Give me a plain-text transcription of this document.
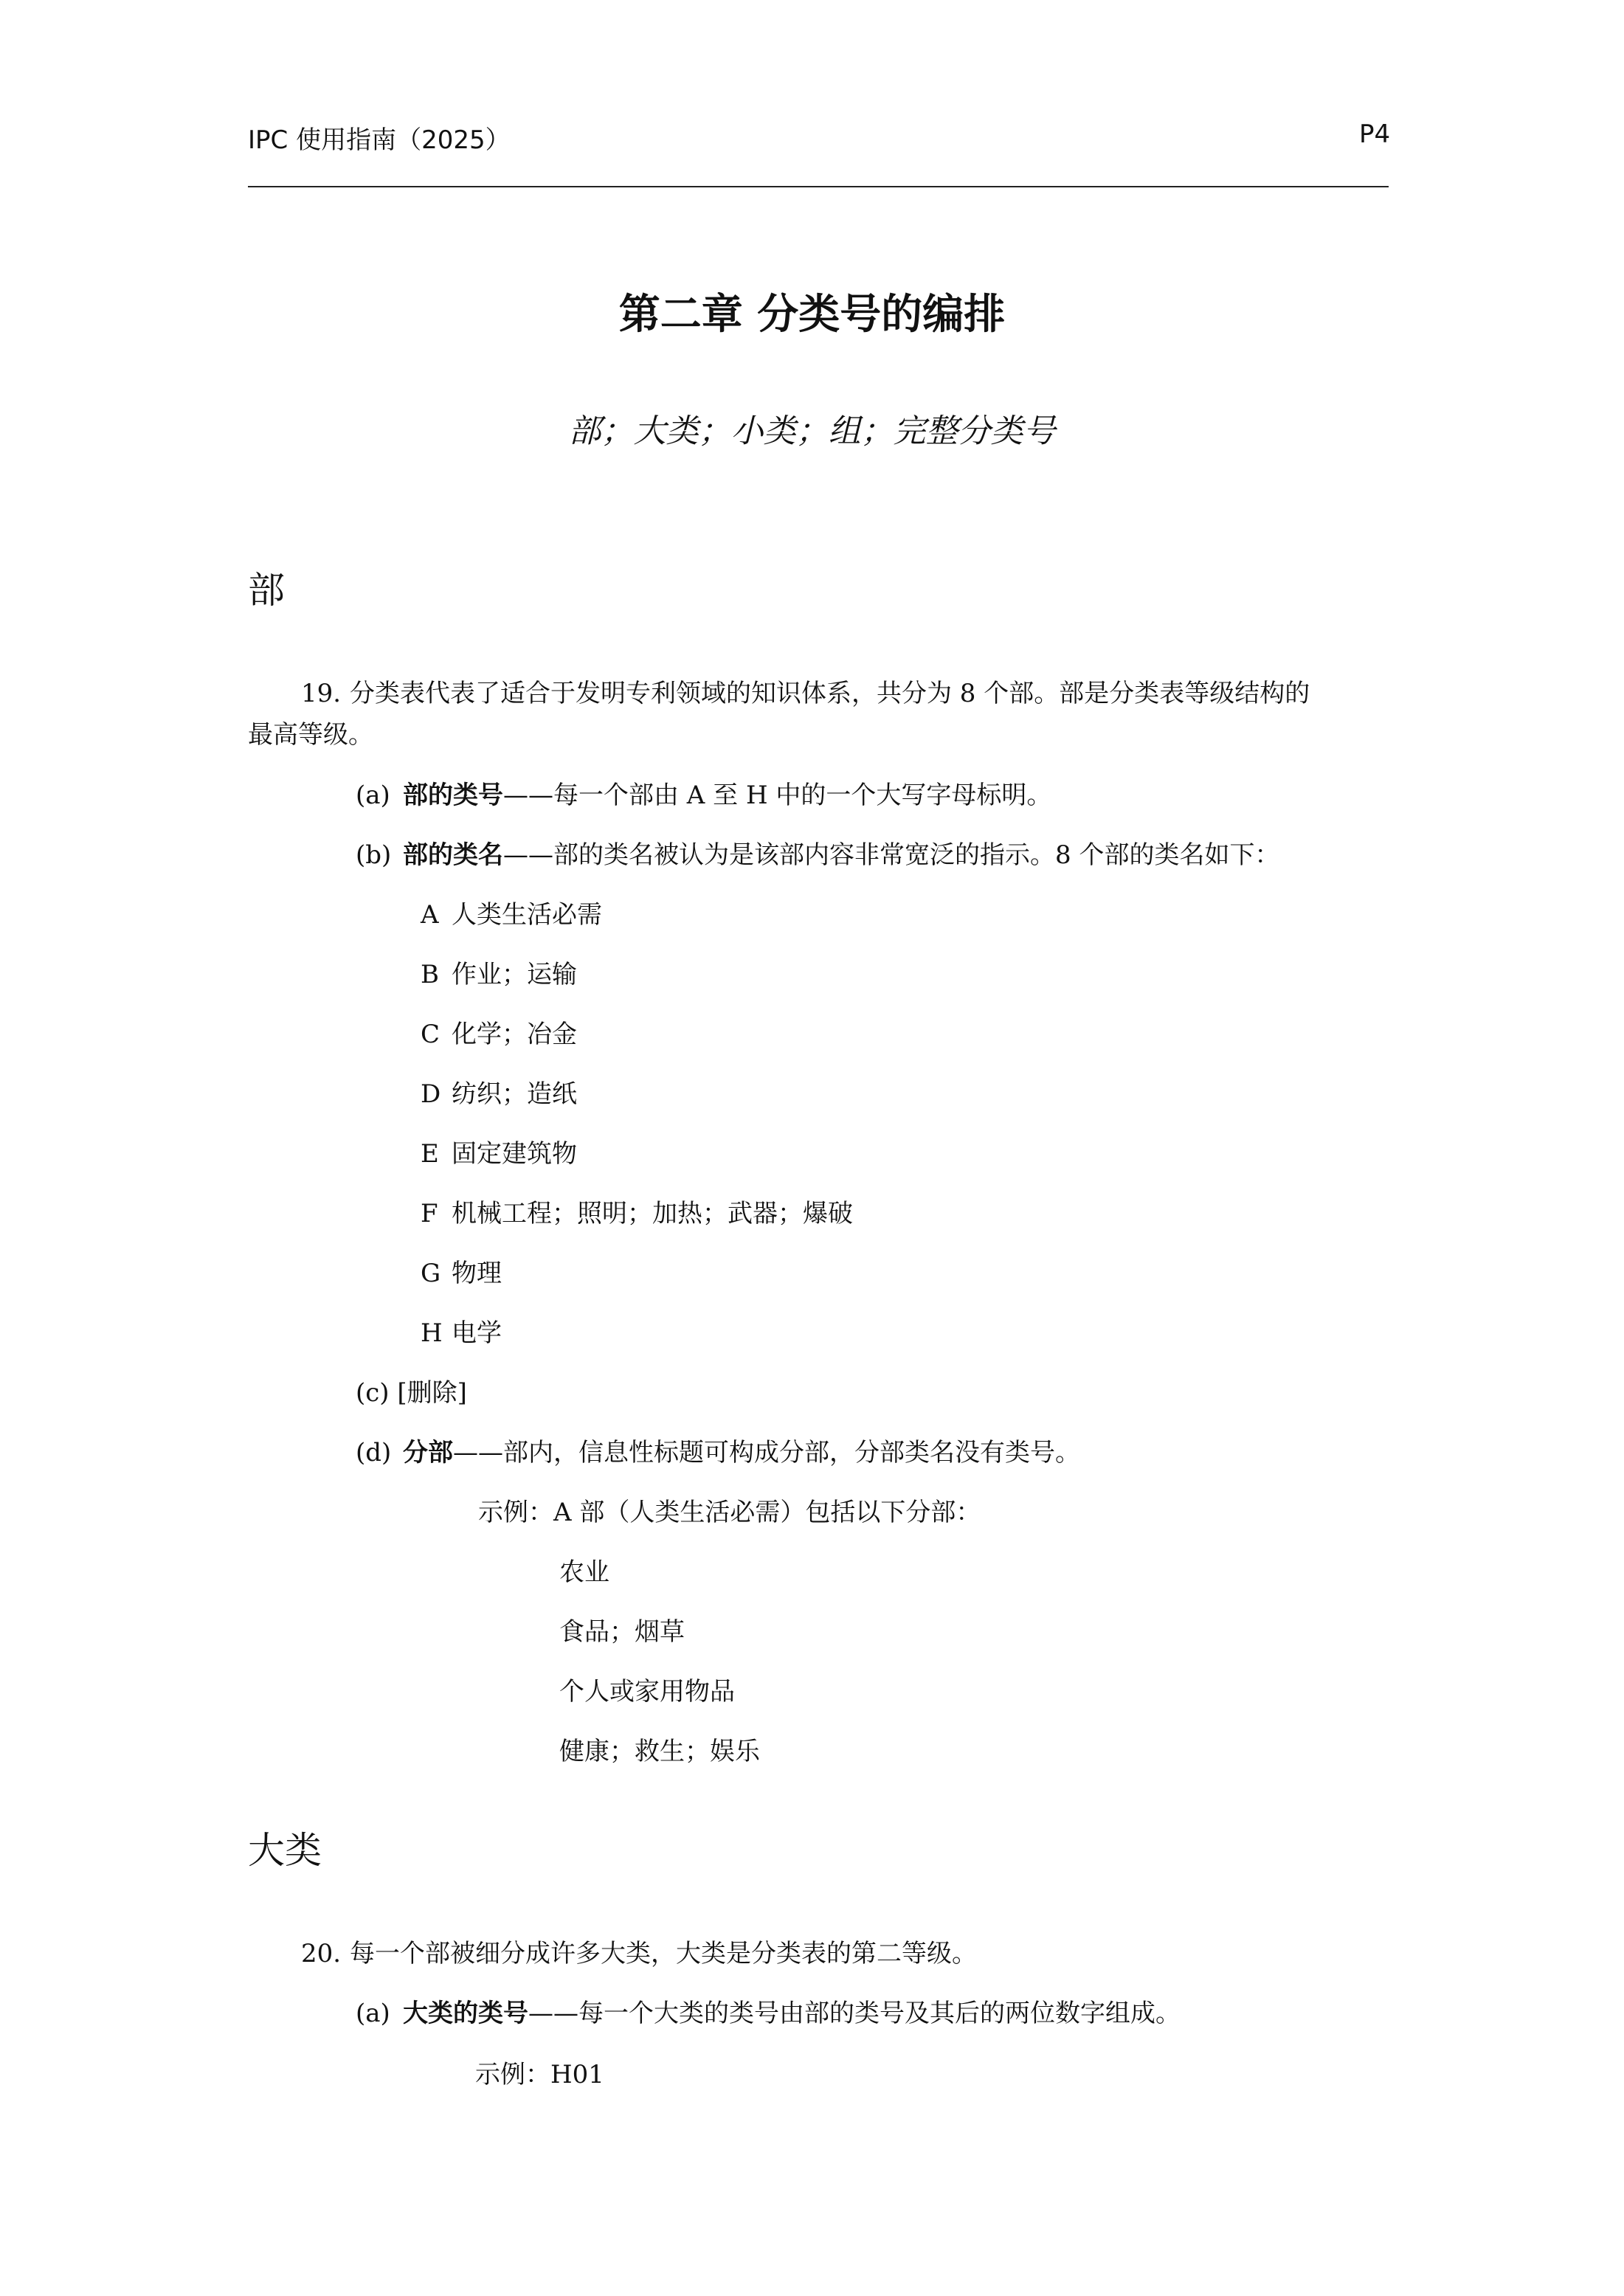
IPC 使用指南（2025）	P4
第二章 分类号的编排
部；大类；小类；组；完整分类号
部
19. 分类表代表了适合于发明专利领域的知识体系，共分为 8 个部。部是分类表等级结构的
最高等级。
(a) 部的类号——每一个部由 A 至 H 中的一个大写字母标明。
(b) 部的类名——部的类名被认为是该部内容非常宽泛的指示。8 个部的类名如下：
A 人类生活必需
B 作业；运输
C 化学；冶金
D 纺织；造纸
E 固定建筑物
F 机械工程；照明；加热；武器；爆破
G 物理
H 电学
(c) [删除]
(d) 分部——部内，信息性标题可构成分部，分部类名没有类号。
示例：A 部（人类生活必需）包括以下分部：
农业
食品；烟草
个人或家用物品
健康；救生；娱乐
大类
20. 每一个部被细分成许多大类，大类是分类表的第二等级。
(a) 大类的类号——每一个大类的类号由部的类号及其后的两位数字组成。
示例：H01
